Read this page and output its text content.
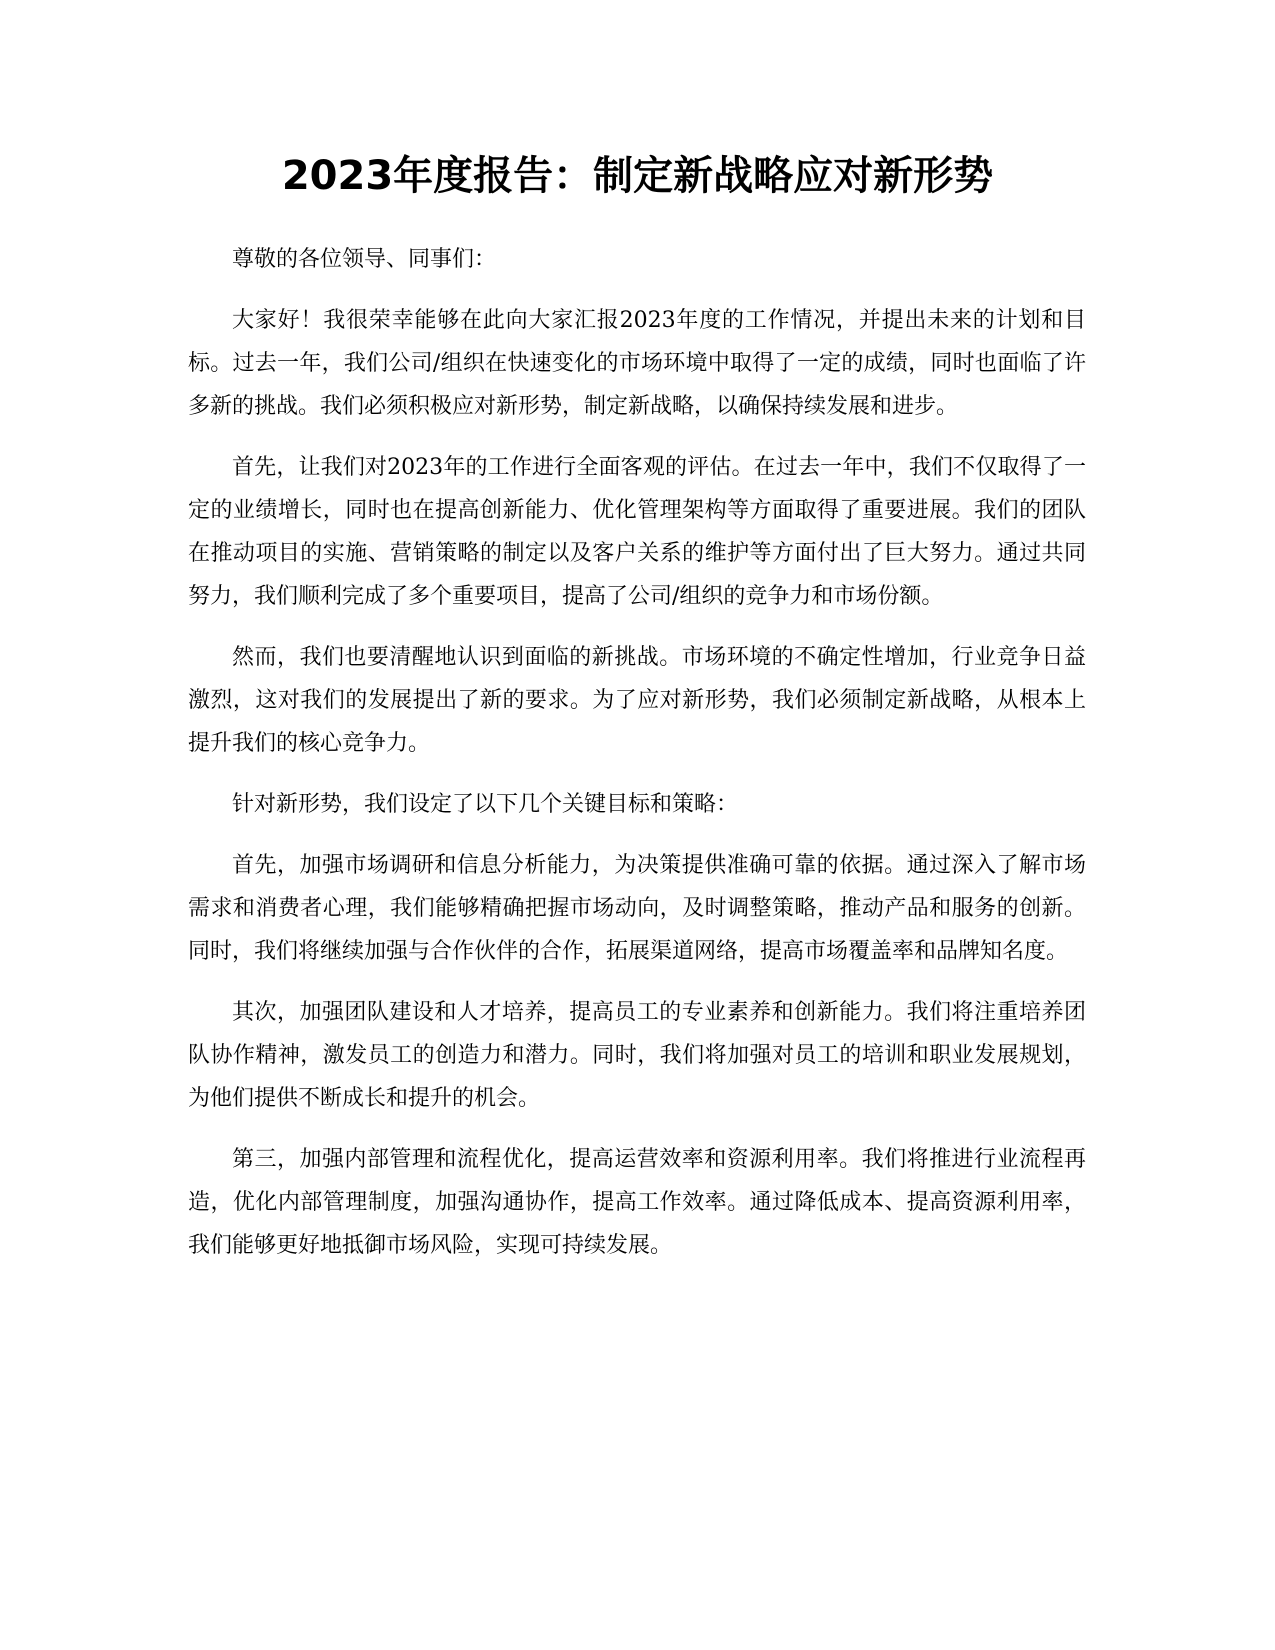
2023年度报告：制定新战略应对新形势

尊敬的各位领导、同事们：

大家好！我很荣幸能够在此向大家汇报2023年度的工作情况，并提出未来的计划和目标。过去一年，我们公司/组织在快速变化的市场环境中取得了一定的成绩，同时也面临了许多新的挑战。我们必须积极应对新形势，制定新战略，以确保持续发展和进步。

首先，让我们对2023年的工作进行全面客观的评估。在过去一年中，我们不仅取得了一定的业绩增长，同时也在提高创新能力、优化管理架构等方面取得了重要进展。我们的团队在推动项目的实施、营销策略的制定以及客户关系的维护等方面付出了巨大努力。通过共同努力，我们顺利完成了多个重要项目，提高了公司/组织的竞争力和市场份额。

然而，我们也要清醒地认识到面临的新挑战。市场环境的不确定性增加，行业竞争日益激烈，这对我们的发展提出了新的要求。为了应对新形势，我们必须制定新战略，从根本上提升我们的核心竞争力。

针对新形势，我们设定了以下几个关键目标和策略：

首先，加强市场调研和信息分析能力，为决策提供准确可靠的依据。通过深入了解市场需求和消费者心理，我们能够精确把握市场动向，及时调整策略，推动产品和服务的创新。同时，我们将继续加强与合作伙伴的合作，拓展渠道网络，提高市场覆盖率和品牌知名度。

其次，加强团队建设和人才培养，提高员工的专业素养和创新能力。我们将注重培养团队协作精神，激发员工的创造力和潜力。同时，我们将加强对员工的培训和职业发展规划，为他们提供不断成长和提升的机会。

第三，加强内部管理和流程优化，提高运营效率和资源利用率。我们将推进行业流程再造，优化内部管理制度，加强沟通协作，提高工作效率。通过降低成本、提高资源利用率，我们能够更好地抵御市场风险，实现可持续发展。
